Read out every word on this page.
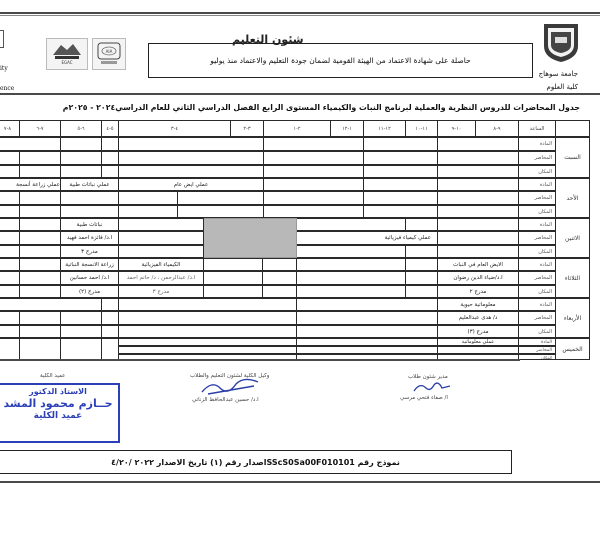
ity
ence
EGAC
AIA
شئون التعليم
حاصلة على شهادة الاعتماد من الهيئة القومية لضمان جودة التعليم والاعتماد منذ يوليو
جامعة سوهاج
كلية العلوم
جدول المحاضرات للدروس النظرية والعملية لبرنامج النبات والكيمياء المستوى الرابع الفصل الدراسي الثاني للعام الدراسي٢٠٢٤ - ٢٠٢٥م
الساعة
٩-٨
١٠-٩
١١-١٠
١٢-١١
١-١٢
٢-١
٣-٢
٤-٣
٥-٤
٦-٥
٧-٦
٨-٧
السبت
الأحد
الاثنين
الثلاثاء
الأربعاء
الخميس
المادة
المحاضر
المكان
المادة
المحاضر
المكان
المادة
المحاضر
المكان
المادة
المحاضر
المكان
المادة
المحاضر
المكان
عملي ايض عام
عملي نباتات طبية
عملي زراعة أنسجة
عملي كيمياء فيزيائية
نباتات طبية
ا.د/ فائزة احمد فهيد
مدرج ٣
الايض العام في النبات
ا.د/ضياء الدين رضوان
مدرج ٢
الكيمياء الفيزيائية
ا.د/ عبدالرحمن ، د/ حاتم احمد
مدرج ٣
زراعة الانسجة النباتية
ا.د/ احمد حسانين
مدرج (٢)
معلوماتية حيوية
د/ هدى عبدالعليم
مدرج (٣)
المادة
المحاضر
المكان
عملي معلوماتية
مدير شئون طلاب
ا/ صفاء فتحي مرسي
وكيل الكلية لشئون التعليم والطلاب
ا.د/ حسين عبدالحافظ الزناتي
عميد الكلية
الاستاذ الدكتور
حــازم محمود المشد
عميد الكلية
نموذج رقم SScS0Sa00F010101اصدار رقم (١) تاريخ الاصدار ٢٠٢٢ /٤/٢٠
